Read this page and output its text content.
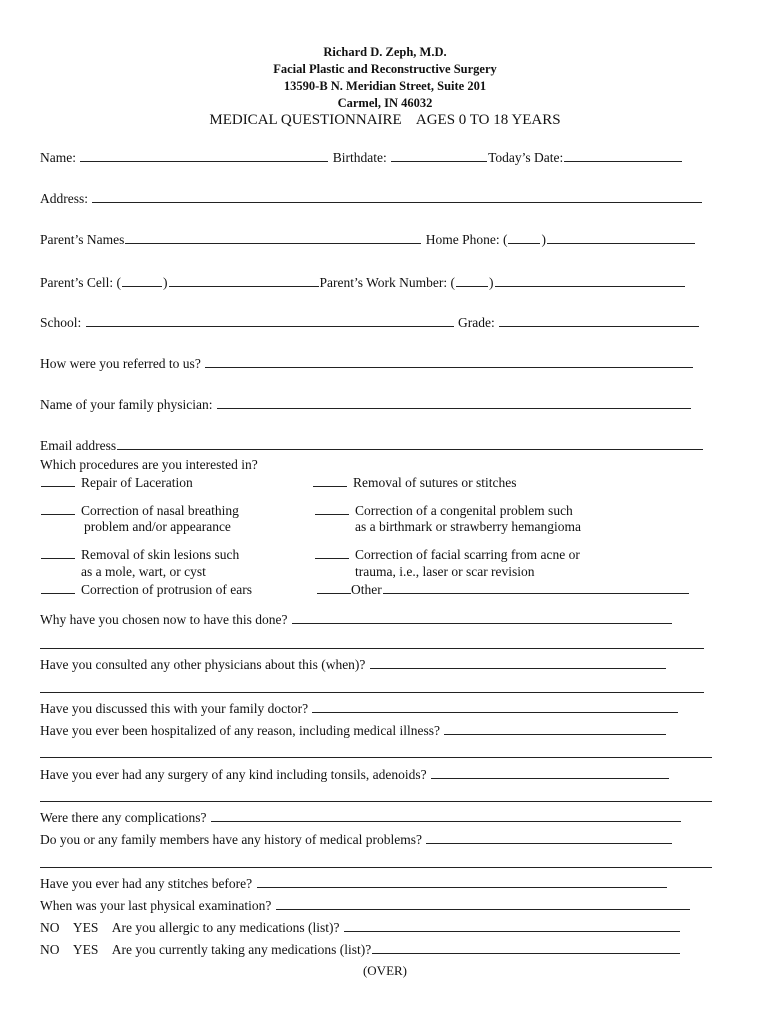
Richard D. Zeph, M.D.
Facial Plastic and Reconstructive Surgery
13590-B N. Meridian Street, Suite 201
Carmel, IN 46032
MEDICAL QUESTIONNAIRE    AGES 0 TO 18 YEARS
Name:	Birthdate:	Today’s Date:
Address:
Parent’s Names	Home Phone: (	)
Parent’s Cell: (	)	Parent’s Work Number: (	)
School:	Grade:
How were you referred to us?
Name of your family physician:
Email address
Which procedures are you interested in?
Repair of Laceration	Removal of sutures or stitches
Correction of nasal breathing
problem and/or appearance
Correction of a congenital problem such
as a birthmark or strawberry hemangioma
Removal of skin lesions such
as a mole, wart, or cyst
Correction of facial scarring from acne or
trauma, i.e., laser or scar revision
Correction of protrusion of ears	Other
Why have you chosen now to have this done?
Have you consulted any other physicians about this (when)?
Have you discussed this with your family doctor?
Have you ever been hospitalized of any reason, including medical illness?
Have you ever had any surgery of any kind including tonsils, adenoids?
Were there any complications?
Do you or any family members have any history of medical problems?
Have you ever had any stitches before?
When was your last physical examination?
NO YES Are you allergic to any medications (list)?
NO YES Are you currently taking any medications (list)?
(OVER)
